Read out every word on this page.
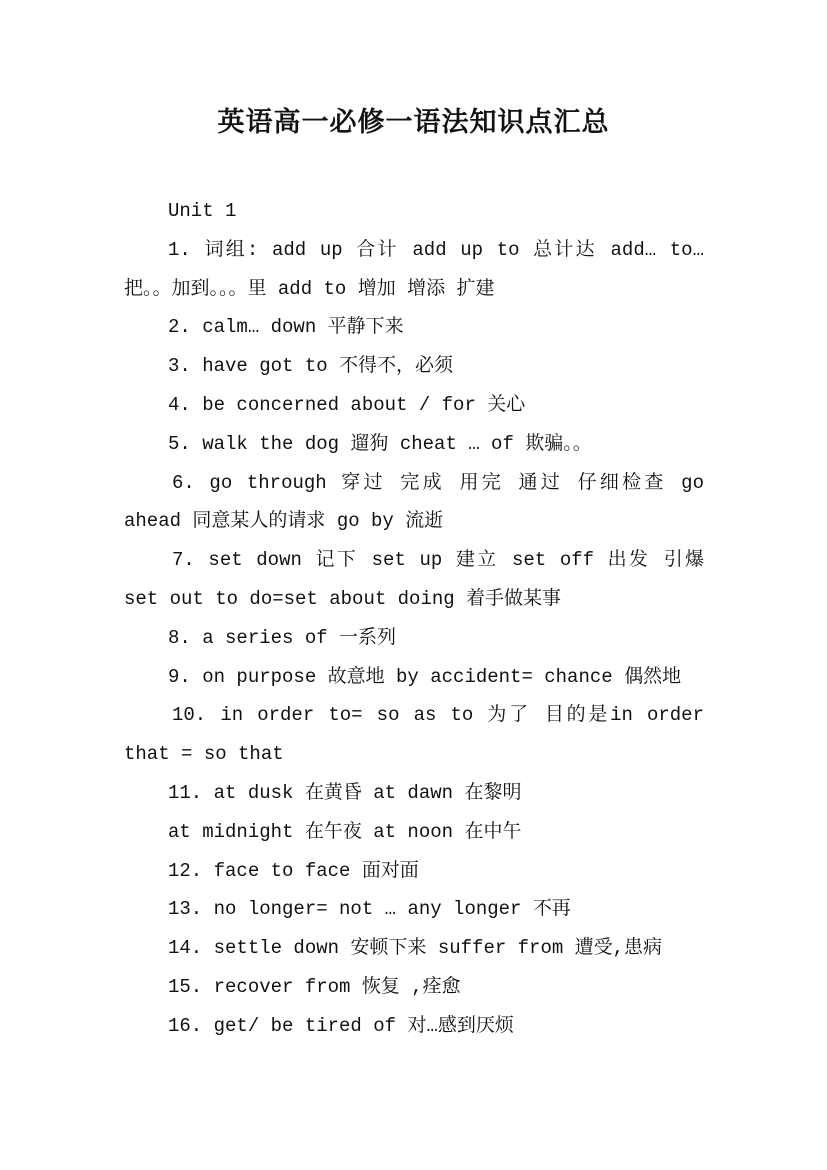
英语高一必修一语法知识点汇总
Unit 1
1. 词组: add up 合计 add up to 总计达 add… to…
把。。加到。。。里 add to 增加 增添 扩建
2. calm… down 平静下来
3. have got to 不得不，必须
4. be concerned about / for 关心
5. walk the dog 遛狗 cheat … of 欺骗。。
6. go through 穿过 完成 用完 通过 仔细检查 go
ahead 同意某人的请求 go by 流逝
7. set down 记下 set up 建立 set off 出发 引爆
set out to do=set about doing 着手做某事
8. a series of 一系列
9. on purpose 故意地 by accident= chance 偶然地
10. in order to= so as to 为了 目的是in order
that = so that
11. at dusk 在黄昏 at dawn 在黎明
at midnight 在午夜 at noon 在中午
12. face to face 面对面
13. no longer= not … any longer 不再
14. settle down 安顿下来 suffer from 遭受,患病
15. recover from 恢复 ,痊愈
16. get/ be tired of 对…感到厌烦
